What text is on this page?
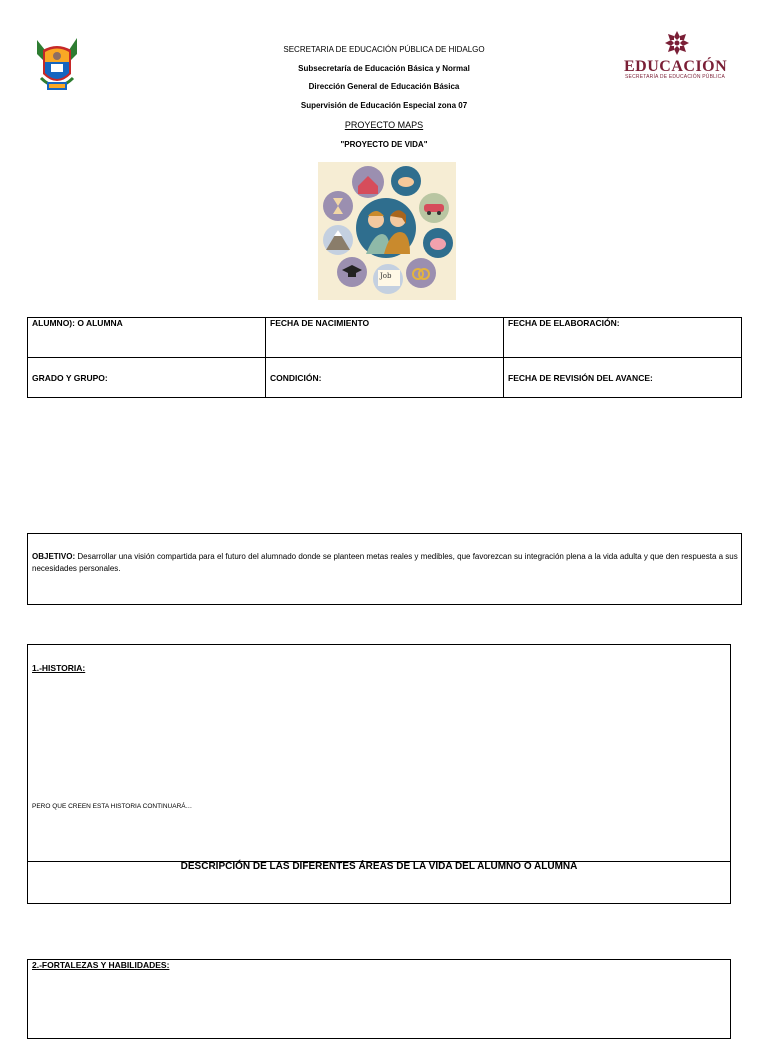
SECRETARIA DE EDUCACIÓN PÚBLICA DE HIDALGO
Subsecretaría de Educación Básica y Normal
Dirección General de Educación Básica
Supervisión de Educación Especial zona 07
PROYECTO MAPS
"PROYECTO DE VIDA"
EDUCACIÓN
SECRETARÍA DE EDUCACIÓN PÚBLICA
Job
ALUMNO): O ALUMNA	FECHA DE NACIMIENTO	FECHA DE ELABORACIÓN:
GRADO Y GRUPO:	CONDICIÓN:	FECHA DE REVISIÓN DEL AVANCE:
OBJETIVO: Desarrollar una visión compartida para el futuro del alumnado donde se planteen metas reales y medibles, que favorezcan su integración plena a la vida adulta y que den respuesta a sus necesidades personales.
1.-HISTORIA:
PERO QUE CREEN ESTA HISTORIA CONTINUARÁ…
DESCRIPCIÓN DE LAS DIFERENTES ÁREAS DE LA VIDA DEL ALUMNO O ALUMNA
2.-FORTALEZAS Y HABILIDADES:
